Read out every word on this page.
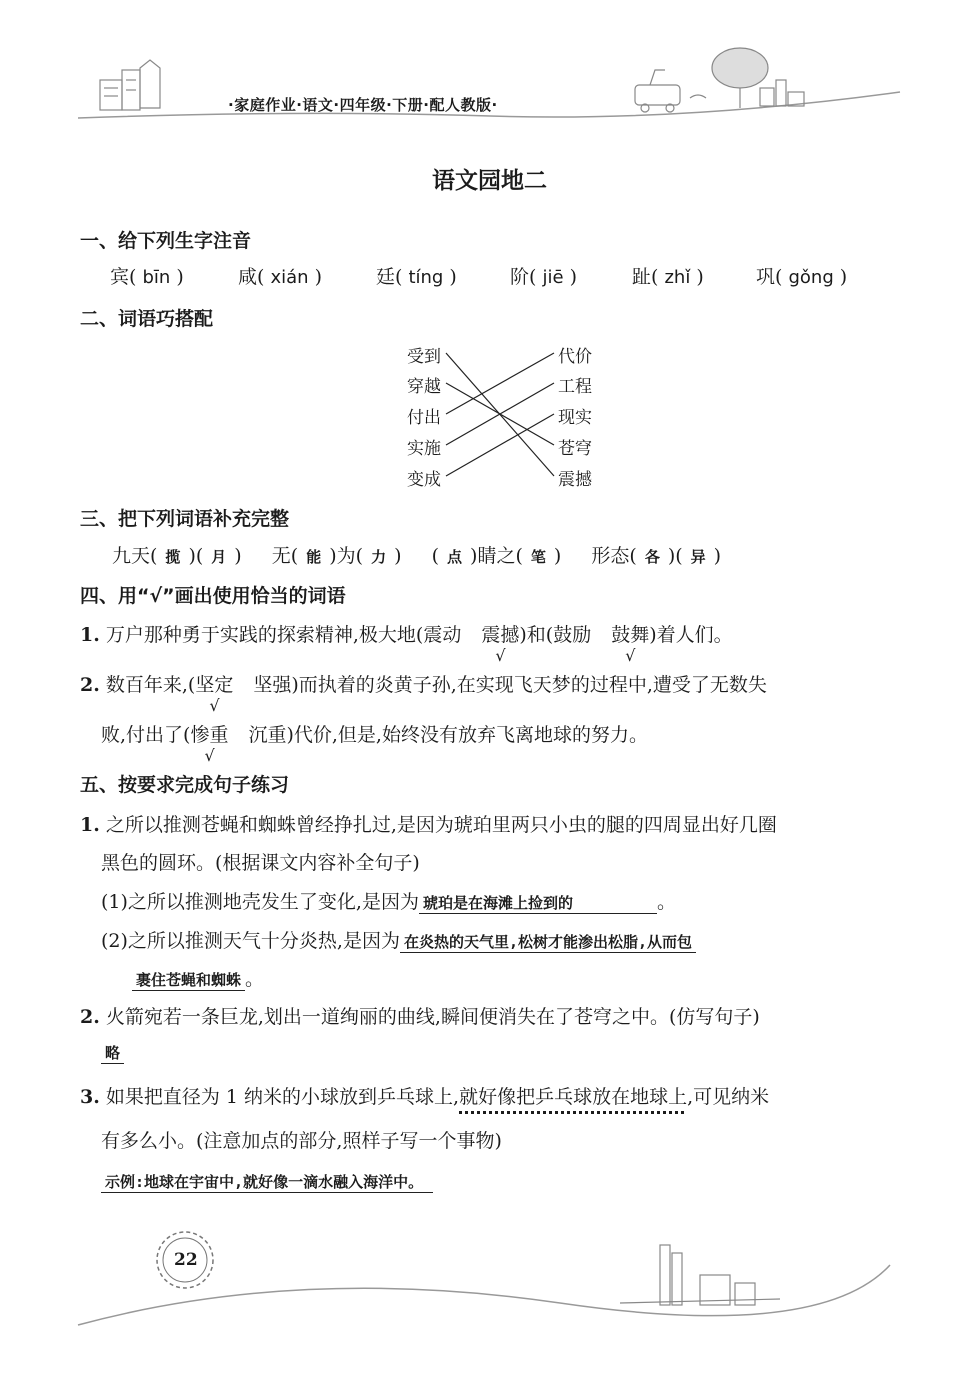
·家庭作业·语文·四年级·下册·配人教版·
语文园地二
一、给下列生字注音
宾( bīn )	咸( xián )	廷( tíng )	阶( jiē )	趾( zhǐ )	巩( gǒng )
二、词语巧搭配
受到
穿越
付出
实施
变成
代价
工程
现实
苍穹
震撼
三、把下列词语补充完整
九天( 揽 )( 月 ) 无( 能 )为( 力 ) ( 点 )睛之( 笔 ) 形态( 各 )( 异 )
四、用“√”画出使用恰当的词语
1. 万户那种勇于实践的探索精神,极大地(震动 震撼
√
)和(鼓励 鼓舞
√
)着人们。
2. 数百年来,(坚定
√
坚强)而执着的炎黄子孙,在实现飞天梦的过程中,遭受了无数失
败,付出了(惨重
√
沉重)代价,但是,始终没有放弃飞离地球的努力。
五、按要求完成句子练习
1. 之所以推测苍蝇和蜘蛛曾经挣扎过,是因为琥珀里两只小虫的腿的四周显出好几圈
黑色的圆环。(根据课文内容补全句子)
(1)之所以推测地壳发生了变化,是因为 琥珀是在海滩上捡到的	。
(2)之所以推测天气十分炎热,是因为 在炎热的天气里,松树才能渗出松脂,从而包
裹住苍蝇和蜘蛛 。
2. 火箭宛若一条巨龙,划出一道绚丽的曲线,瞬间便消失在了苍穹之中。(仿写句子)
略
3. 如果把直径为 1 纳米的小球放到乒乓球上,就好像把乒乓球放在地球上,可见纳米
有多么小。(注意加点的部分,照样子写一个事物)
示例:地球在宇宙中,就好像一滴水融入海洋中。
22
